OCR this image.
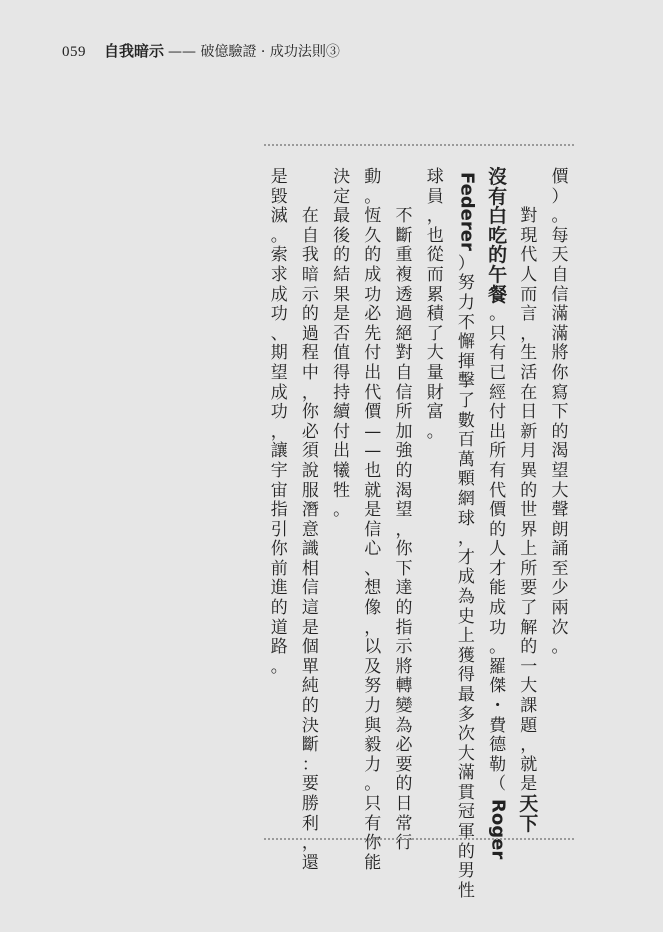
059 自我暗示 —— 破億驗證 · 成功法則③
價
）
。
每
天
自
信
滿
滿
將
你
寫
下
的
渴
望
大
聲
朗
誦
至
少
兩
次
。
對
現
代
人
而
言
，
生
活
在
日
新
月
異
的
世
界
上
所
要
了
解
的
一
大
課
題
，
就
是
天
下
沒
有
白
吃
的
午
餐
。
只
有
已
經
付
出
所
有
代
價
的
人
才
能
成
功
。
羅
傑
・
費
德
勒
（
Roger
Federer
）
努
力
不
懈
揮
擊
了
數
百
萬
顆
網
球
，
才
成
為
史
上
獲
得
最
多
次
大
滿
貫
冠
軍
的
男
性
球
員
，
也
從
而
累
積
了
大
量
財
富
。
不
斷
重
複
透
過
絕
對
自
信
所
加
強
的
渴
望
，
你
下
達
的
指
示
將
轉
變
為
必
要
的
日
常
行
動
。
恆
久
的
成
功
必
先
付
出
代
價
—
—
也
就
是
信
心
、
想
像
，
以
及
努
力
與
毅
力
。
只
有
你
能
決
定
最
後
的
結
果
是
否
值
得
持
續
付
出
犧
牲
。
在
自
我
暗
示
的
過
程
中
，
你
必
須
說
服
潛
意
識
相
信
這
是
個
單
純
的
決
斷
：
要
勝
利
，
還
是
毀
滅
。
索
求
成
功
、
期
望
成
功
，
讓
宇
宙
指
引
你
前
進
的
道
路
。
